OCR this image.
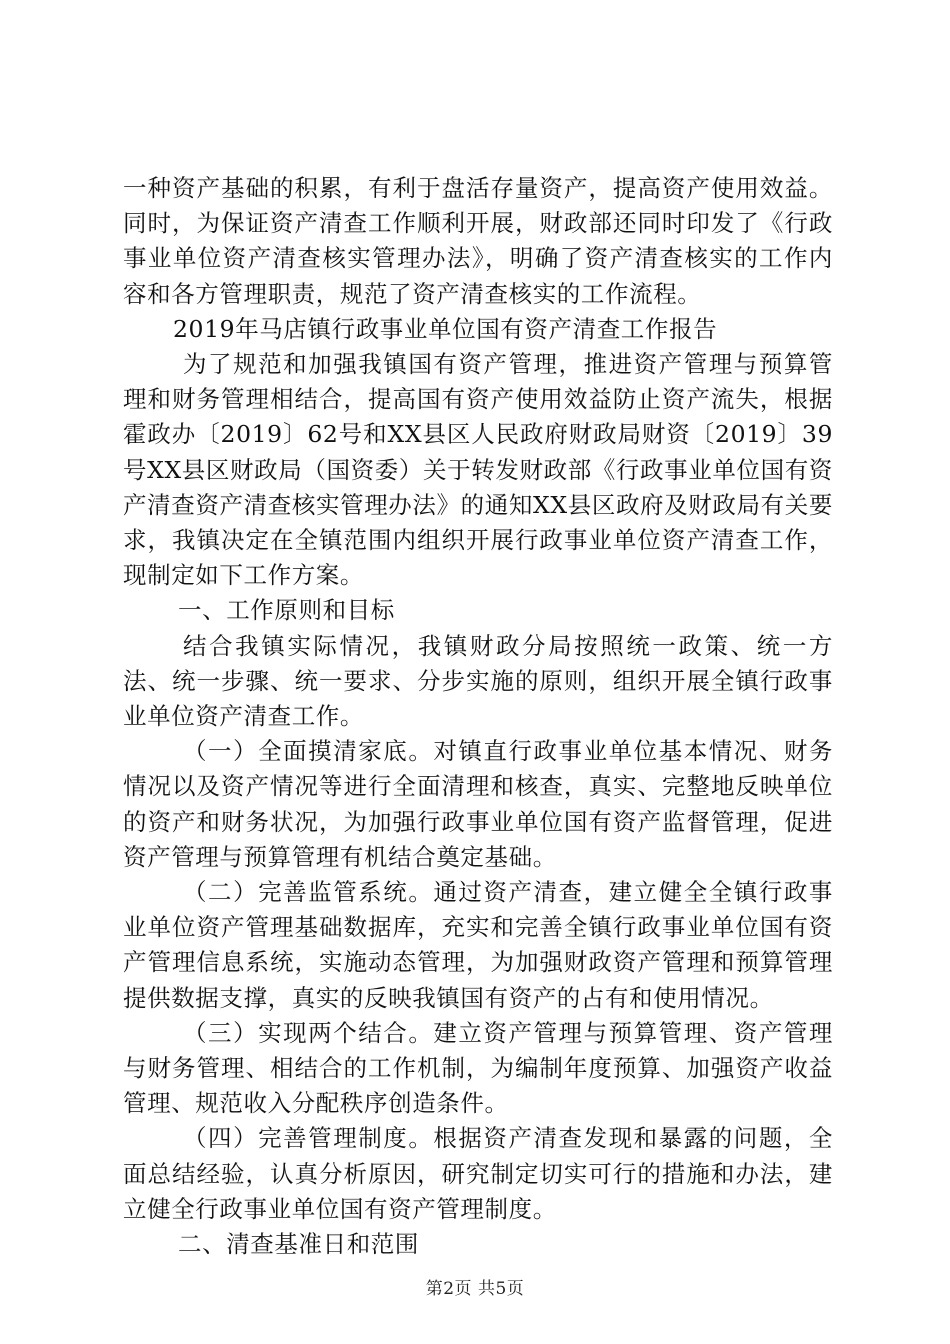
一种资产基础的积累，有利于盘活存量资产，提高资产使用效益。同时，为保证资产清查工作顺利开展，财政部还同时印发了《行政事业单位资产清查核实管理办法》，明确了资产清查核实的工作内容和各方管理职责，规范了资产清查核实的工作流程。

2019年马店镇行政事业单位国有资产清查工作报告

为了规范和加强我镇国有资产管理，推进资产管理与预算管理和财务管理相结合，提高国有资产使用效益防止资产流失，根据霍政办〔2019〕62号和XX县区人民政府财政局财资〔2019〕39号XX县区财政局（国资委）关于转发财政部《行政事业单位国有资产清查资产清查核实管理办法》的通知XX县区政府及财政局有关要求，我镇决定在全镇范围内组织开展行政事业单位资产清查工作，现制定如下工作方案。

一、工作原则和目标

结合我镇实际情况，我镇财政分局按照统一政策、统一方法、统一步骤、统一要求、分步实施的原则，组织开展全镇行政事业单位资产清查工作。

（一）全面摸清家底。对镇直行政事业单位基本情况、财务情况以及资产情况等进行全面清理和核查，真实、完整地反映单位的资产和财务状况，为加强行政事业单位国有资产监督管理，促进资产管理与预算管理有机结合奠定基础。

（二）完善监管系统。通过资产清查，建立健全全镇行政事业单位资产管理基础数据库，充实和完善全镇行政事业单位国有资产管理信息系统，实施动态管理，为加强财政资产管理和预算管理提供数据支撑，真实的反映我镇国有资产的占有和使用情况。

（三）实现两个结合。建立资产管理与预算管理、资产管理与财务管理、相结合的工作机制，为编制年度预算、加强资产收益管理、规范收入分配秩序创造条件。

（四）完善管理制度。根据资产清查发现和暴露的问题，全面总结经验，认真分析原因，研究制定切实可行的措施和办法，建立健全行政事业单位国有资产管理制度。

二、清查基准日和范围

第2页 共5页
